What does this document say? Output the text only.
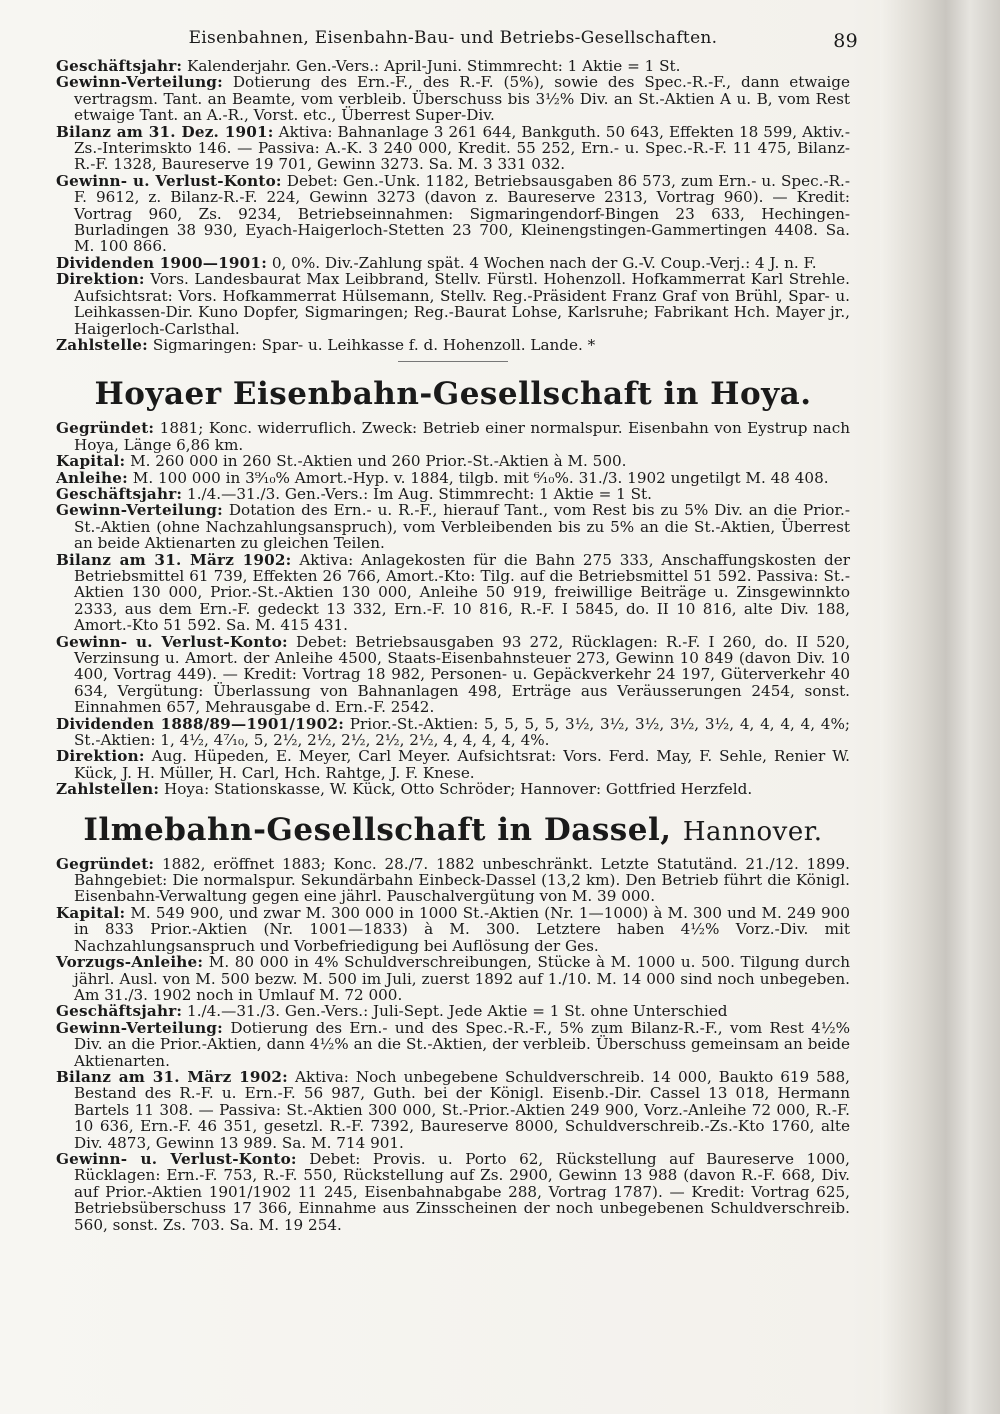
Eisenbahnen, Eisenbahn-Bau- und Betriebs-Gesellschaften.	89

Geschäftsjahr: Kalenderjahr. Gen.-Vers.: April-Juni. Stimmrecht: 1 Aktie = 1 St.

Gewinn-Verteilung: Dotierung des Ern.-F., des R.-F. (5%), sowie des Spec.-R.-F., dann etwaige vertragsm. Tant. an Beamte, vom verbleib. Überschuss bis 3½% Div. an St.-Aktien A u. B, vom Rest etwaige Tant. an A.-R., Vorst. etc., Überrest Super-Div.

Bilanz am 31. Dez. 1901: Aktiva: Bahnanlage 3 261 644, Bankguth. 50 643, Effekten 18 599, Aktiv.-Zs.-Interimskto 146. — Passiva: A.-K. 3 240 000, Kredit. 55 252, Ern.- u. Spec.-R.-F. 11 475, Bilanz-R.-F. 1328, Baureserve 19 701, Gewinn 3273. Sa. M. 3 331 032.

Gewinn- u. Verlust-Konto: Debet: Gen.-Unk. 1182, Betriebsausgaben 86 573, zum Ern.- u. Spec.-R.-F. 9612, z. Bilanz-R.-F. 224, Gewinn 3273 (davon z. Baureserve 2313, Vortrag 960). — Kredit: Vortrag 960, Zs. 9234, Betriebseinnahmen: Sigmaringendorf-Bingen 23 633, Hechingen-Burladingen 38 930, Eyach-Haigerloch-Stetten 23 700, Kleinengstingen-Gammertingen 4408. Sa. M. 100 866.

Dividenden 1900—1901: 0, 0%. Div.-Zahlung spät. 4 Wochen nach der G.-V. Coup.-Verj.: 4 J. n. F.

Direktion: Vors. Landesbaurat Max Leibbrand, Stellv. Fürstl. Hohenzoll. Hofkammerrat Karl Strehle. Aufsichtsrat: Vors. Hofkammerrat Hülsemann, Stellv. Reg.-Präsident Franz Graf von Brühl, Spar- u. Leihkassen-Dir. Kuno Dopfer, Sigmaringen; Reg.-Baurat Lohse, Karlsruhe; Fabrikant Hch. Mayer jr., Haigerloch-Carlsthal.

Zahlstelle: Sigmaringen: Spar- u. Leihkasse f. d. Hohenzoll. Lande. *

Hoyaer Eisenbahn-Gesellschaft in Hoya.

Gegründet: 1881; Konc. widerruflich. Zweck: Betrieb einer normalspur. Eisenbahn von Eystrup nach Hoya, Länge 6,86 km.

Kapital: M. 260 000 in 260 St.-Aktien und 260 Prior.-St.-Aktien à M. 500.

Anleihe: M. 100 000 in 3⁹⁄₁₀% Amort.-Hyp. v. 1884, tilgb. mit ⁶⁄₁₀%. 31./3. 1902 ungetilgt M. 48 408.

Geschäftsjahr: 1./4.—31./3. Gen.-Vers.: Im Aug. Stimmrecht: 1 Aktie = 1 St.

Gewinn-Verteilung: Dotation des Ern.- u. R.-F., hierauf Tant., vom Rest bis zu 5% Div. an die Prior.-St.-Aktien (ohne Nachzahlungsanspruch), vom Verbleibenden bis zu 5% an die St.-Aktien, Überrest an beide Aktienarten zu gleichen Teilen.

Bilanz am 31. März 1902: Aktiva: Anlagekosten für die Bahn 275 333, Anschaffungskosten der Betriebsmittel 61 739, Effekten 26 766, Amort.-Kto: Tilg. auf die Betriebsmittel 51 592. Passiva: St.-Aktien 130 000, Prior.-St.-Aktien 130 000, Anleihe 50 919, freiwillige Beiträge u. Zinsgewinnkto 2333, aus dem Ern.-F. gedeckt 13 332, Ern.-F. 10 816, R.-F. I 5845, do. II 10 816, alte Div. 188, Amort.-Kto 51 592. Sa. M. 415 431.

Gewinn- u. Verlust-Konto: Debet: Betriebsausgaben 93 272, Rücklagen: R.-F. I 260, do. II 520, Verzinsung u. Amort. der Anleihe 4500, Staats-Eisenbahnsteuer 273, Gewinn 10 849 (davon Div. 10 400, Vortrag 449). — Kredit: Vortrag 18 982, Personen- u. Gepäckverkehr 24 197, Güterverkehr 40 634, Vergütung: Überlassung von Bahnanlagen 498, Erträge aus Veräusserungen 2454, sonst. Einnahmen 657, Mehrausgabe d. Ern.-F. 2542.

Dividenden 1888/89—1901/1902: Prior.-St.-Aktien: 5, 5, 5, 5, 3½, 3½, 3½, 3½, 3½, 4, 4, 4, 4, 4%; St.-Aktien: 1, 4½, 4⁷⁄₁₀, 5, 2½, 2½, 2½, 2½, 2½, 4, 4, 4, 4, 4%.

Direktion: Aug. Hüpeden, E. Meyer, Carl Meyer. Aufsichtsrat: Vors. Ferd. May, F. Sehle, Renier W. Kück, J. H. Müller, H. Carl, Hch. Rahtge, J. F. Knese.

Zahlstellen: Hoya: Stationskasse, W. Kück, Otto Schröder; Hannover: Gottfried Herzfeld.

Ilmebahn-Gesellschaft in Dassel, Hannover.

Gegründet: 1882, eröffnet 1883; Konc. 28./7. 1882 unbeschränkt. Letzte Statutänd. 21./12. 1899. Bahngebiet: Die normalspur. Sekundärbahn Einbeck-Dassel (13,2 km). Den Betrieb führt die Königl. Eisenbahn-Verwaltung gegen eine jährl. Pauschalvergütung von M. 39 000.

Kapital: M. 549 900, und zwar M. 300 000 in 1000 St.-Aktien (Nr. 1—1000) à M. 300 und M. 249 900 in 833 Prior.-Aktien (Nr. 1001—1833) à M. 300. Letztere haben 4½% Vorz.-Div. mit Nachzahlungsanspruch und Vorbefriedigung bei Auflösung der Ges.

Vorzugs-Anleihe: M. 80 000 in 4% Schuldverschreibungen, Stücke à M. 1000 u. 500. Tilgung durch jährl. Ausl. von M. 500 bezw. M. 500 im Juli, zuerst 1892 auf 1./10. M. 14 000 sind noch unbegeben. Am 31./3. 1902 noch in Umlauf M. 72 000.

Geschäftsjahr: 1./4.—31./3. Gen.-Vers.: Juli-Sept. Jede Aktie = 1 St. ohne Unterschied

Gewinn-Verteilung: Dotierung des Ern.- und des Spec.-R.-F., 5% zum Bilanz-R.-F., vom Rest 4½% Div. an die Prior.-Aktien, dann 4½% an die St.-Aktien, der verbleib. Überschuss gemeinsam an beide Aktienarten.

Bilanz am 31. März 1902: Aktiva: Noch unbegebene Schuldverschreib. 14 000, Baukto 619 588, Bestand des R.-F. u. Ern.-F. 56 987, Guth. bei der Königl. Eisenb.-Dir. Cassel 13 018, Hermann Bartels 11 308. — Passiva: St.-Aktien 300 000, St.-Prior.-Aktien 249 900, Vorz.-Anleihe 72 000, R.-F. 10 636, Ern.-F. 46 351, gesetzl. R.-F. 7392, Baureserve 8000, Schuldverschreib.-Zs.-Kto 1760, alte Div. 4873, Gewinn 13 989. Sa. M. 714 901.

Gewinn- u. Verlust-Konto: Debet: Provis. u. Porto 62, Rückstellung auf Baureserve 1000, Rücklagen: Ern.-F. 753, R.-F. 550, Rückstellung auf Zs. 2900, Gewinn 13 988 (davon R.-F. 668, Div. auf Prior.-Aktien 1901/1902 11 245, Eisenbahnabgabe 288, Vortrag 1787). — Kredit: Vortrag 625, Betriebsüberschuss 17 366, Einnahme aus Zinsscheinen der noch unbegebenen Schuldverschreib. 560, sonst. Zs. 703. Sa. M. 19 254.
